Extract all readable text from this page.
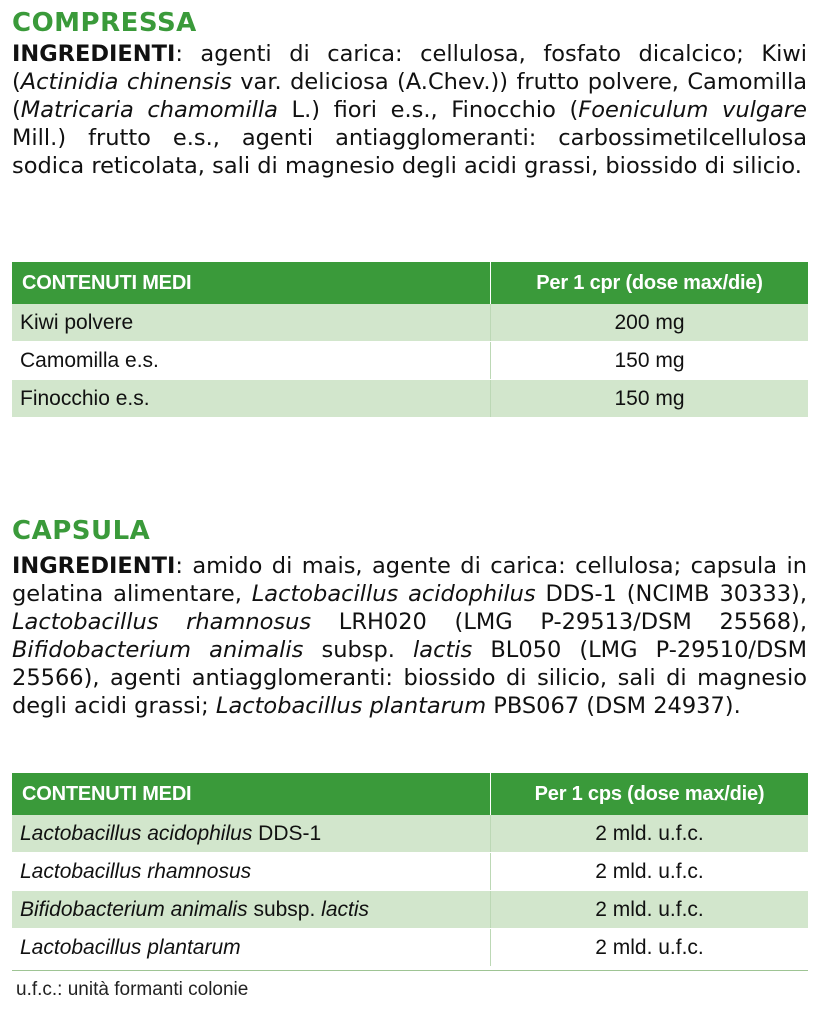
COMPRESSA

INGREDIENTI: agenti di carica: cellulosa, fosfato dicalcico; Kiwi (Actinidia chinensis var. deliciosa (A.Chev.)) frutto polvere, Camomilla (Matricaria chamomilla L.) fiori e.s., Finocchio (Foeniculum vulgare Mill.) frutto e.s., agenti antiagglomeranti: carbossimetilcellulosa sodica reticolata, sali di magnesio degli acidi grassi, biossido di silicio.

CONTENUTI MEDI	Per 1 cpr (dose max/die)
Kiwi polvere	200 mg
Camomilla e.s.	150 mg
Finocchio e.s.	150 mg
CAPSULA

INGREDIENTI: amido di mais, agente di carica: cellulosa; capsula in gelatina alimentare, Lactobacillus acidophilus DDS-1 (NCIMB 30333), Lactobacillus rhamnosus LRH020 (LMG P-29513/DSM 25568), Bifidobacterium animalis subsp. lactis BL050 (LMG P-29510/DSM 25566), agenti antiagglomeranti: biossido di silicio, sali di magnesio degli acidi grassi; Lactobacillus plantarum PBS067 (DSM 24937).

CONTENUTI MEDI	Per 1 cps (dose max/die)
Lactobacillus acidophilus DDS-1	2 mld. u.f.c.
Lactobacillus rhamnosus	2 mld. u.f.c.
Bifidobacterium animalis subsp. lactis	2 mld. u.f.c.
Lactobacillus plantarum	2 mld. u.f.c.
u.f.c.: unità formanti colonie
